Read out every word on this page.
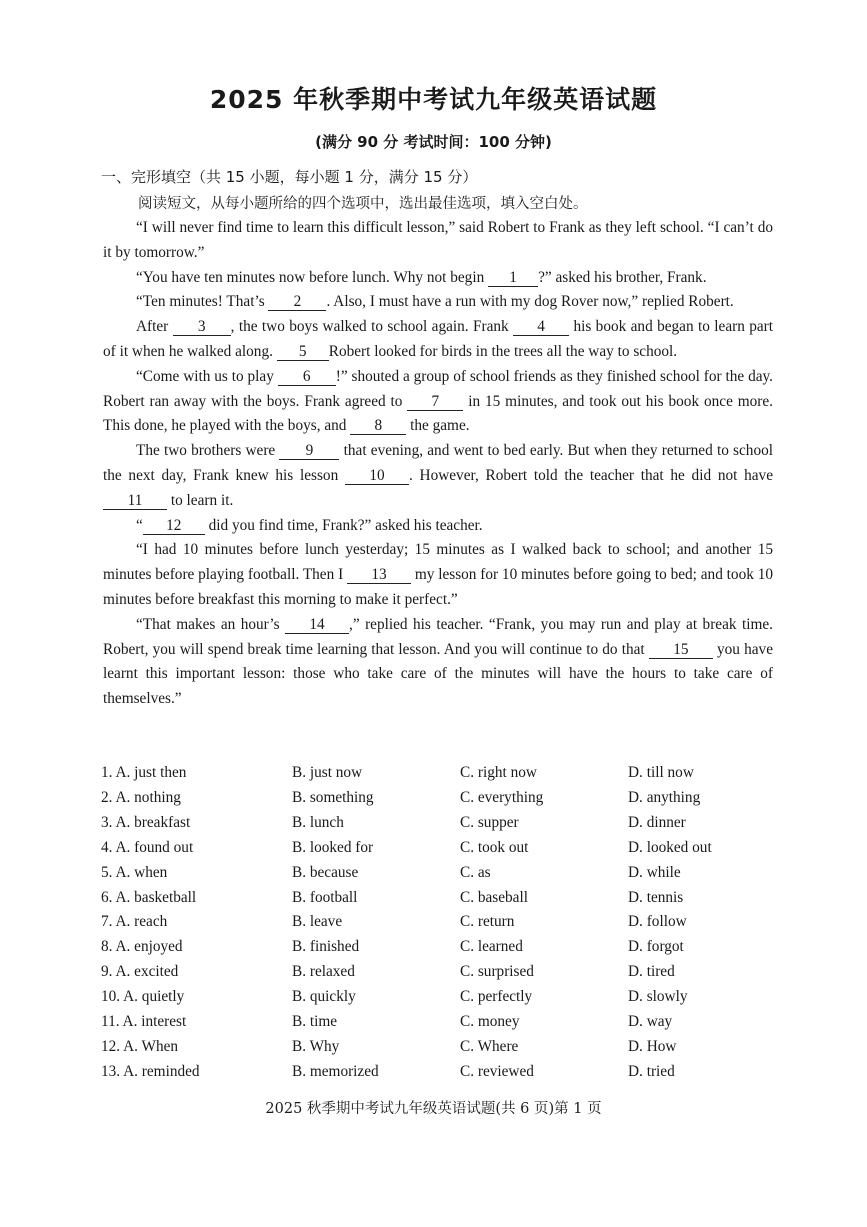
2025 年秋季期中考试九年级英语试题
(满分 90 分 考试时间：100 分钟)
一、完形填空（共 15 小题，每小题 1 分，满分 15 分）
阅读短文，从每小题所给的四个选项中，选出最佳选项，填入空白处。

“I will never find time to learn this difficult lesson,” said Robert to Frank as they left school. “I can’t do it by tomorrow.”

“You have ten minutes now before lunch. Why not begin 1 ?” asked his brother, Frank.

“Ten minutes! That’s 2 . Also, I must have a run with my dog Rover now,” replied Robert.

After 3 , the two boys walked to school again. Frank 4 his book and began to learn part of it when he walked along. 5 Robert looked for birds in the trees all the way to school.

“Come with us to play 6 !” shouted a group of school friends as they finished school for the day. Robert ran away with the boys. Frank agreed to 7 in 15 minutes, and took out his book once more. This done, he played with the boys, and 8 the game.

The two brothers were 9 that evening, and went to bed early. But when they returned to school the next day, Frank knew his lesson 10 . However, Robert told the teacher that he did not have 11 to learn it.

“ 12 did you find time, Frank?” asked his teacher.

“I had 10 minutes before lunch yesterday; 15 minutes as I walked back to school; and another 15 minutes before playing football. Then I 13 my lesson for 10 minutes before going to bed; and took 10 minutes before breakfast this morning to make it perfect.”

“That makes an hour’s 14 ,” replied his teacher. “Frank, you may run and play at break time. Robert, you will spend break time learning that lesson. And you will continue to do that 15 you have learnt this important lesson: those who take care of the minutes will have the hours to take care of themselves.”

1. A. just then	B. just now	C. right now	D. till now
2. A. nothing	B. something	C. everything	D. anything
3. A. breakfast	B. lunch	C. supper	D. dinner
4. A. found out	B. looked for	C. took out	D. looked out
5. A. when	B. because	C. as	D. while
6. A. basketball	B. football	C. baseball	D. tennis
7. A. reach	B. leave	C. return	D. follow
8. A. enjoyed	B. finished	C. learned	D. forgot
9. A. excited	B. relaxed	C. surprised	D. tired
10. A. quietly	B. quickly	C. perfectly	D. slowly
11. A. interest	B. time	C. money	D. way
12. A. When	B. Why	C. Where	D. How
13. A. reminded	B. memorized	C. reviewed	D. tried
2025 秋季期中考试九年级英语试题(共 6 页)第 1 页
